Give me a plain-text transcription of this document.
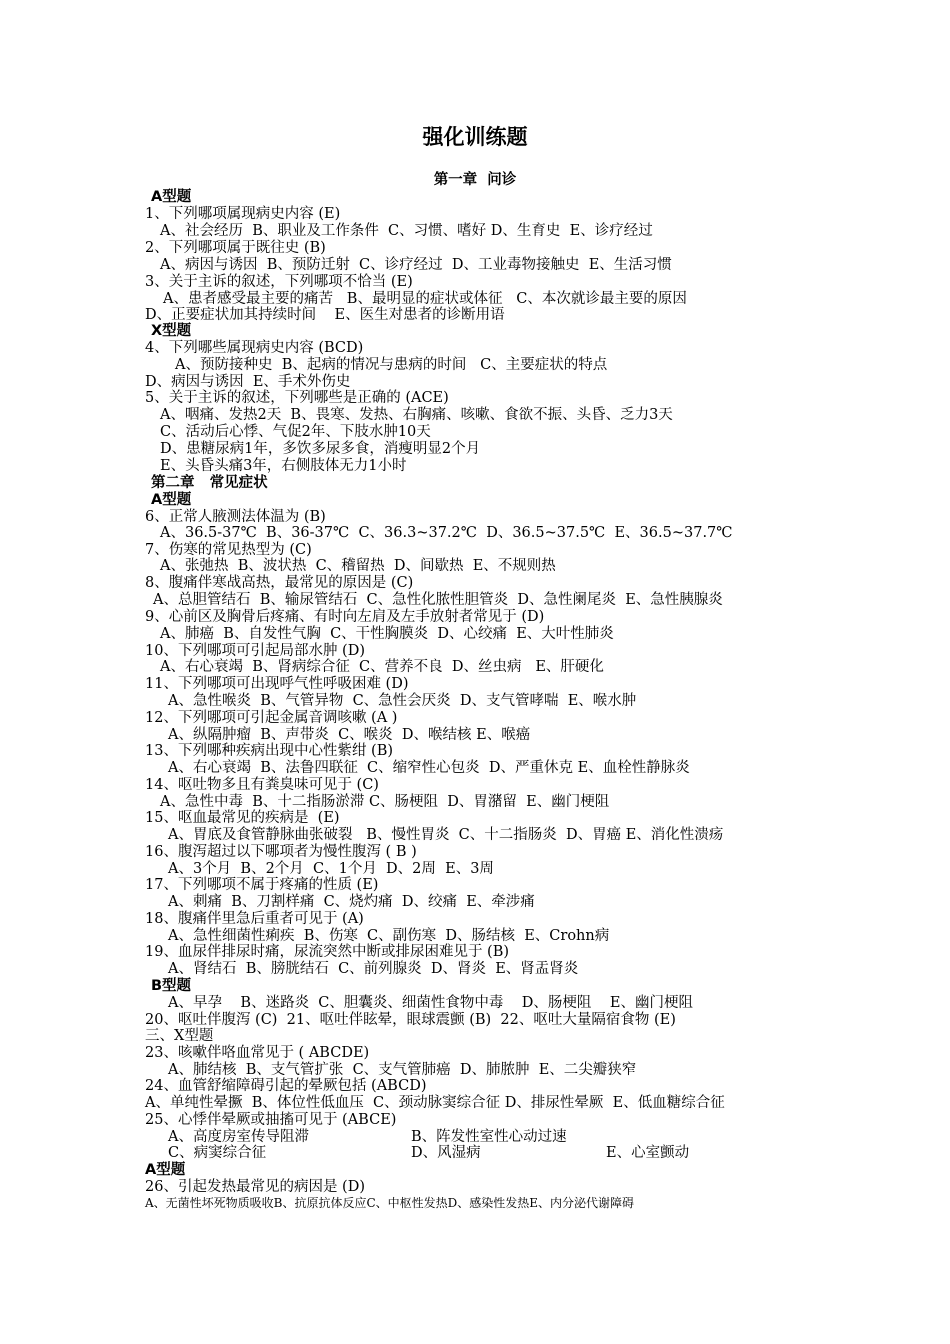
强化训练题
第一章  问诊
A型题
1、下列哪项属现病史内容 (E)
A、社会经历  B、职业及工作条件  C、习惯、嗜好 D、生育史  E、诊疗经过
2、下列哪项属于既往史 (B)
A、病因与诱因  B、预防迁射  C、诊疗经过  D、工业毒物接触史  E、生活习惯
3、关于主诉的叙述，下列哪项不恰当 (E)
A、患者感受最主要的痛苦   B、最明显的症状或体征   C、本次就诊最主要的原因
D、正要症状加其持续时间    E、医生对患者的诊断用语
X型题
4、下列哪些属现病史内容 (BCD)
A、预防接种史  B、起病的情况与患病的时间   C、主要症状的特点
D、病因与诱因  E、手术外伤史
5、关于主诉的叙述，下列哪些是正确的 (ACE)
A、咽痛、发热2天  B、畏寒、发热、右胸痛、咳嗽、食欲不振、头昏、乏力3天
C、活动后心悸、气促2年、下肢水肿10天
D、患糖尿病1年，多饮多尿多食，消瘦明显2个月
E、头昏头痛3年，右侧肢体无力1小时
第二章   常见症状
A型题
6、正常人腋测法体温为 (B)
A、36.5-37℃  B、36-37℃  C、36.3~37.2℃  D、36.5~37.5℃  E、36.5~37.7℃
7、伤寒的常见热型为 (C)
A、张弛热  B、波状热  C、稽留热  D、间歇热  E、不规则热
8、腹痛伴寒战高热，最常见的原因是 (C)
A、总胆管结石  B、输尿管结石  C、急性化脓性胆管炎  D、急性阑尾炎  E、急性胰腺炎
9、心前区及胸骨后疼痛、有时向左肩及左手放射者常见于 (D)
A、肺癌  B、自发性气胸  C、干性胸膜炎  D、心绞痛  E、大叶性肺炎
10、下列哪项可引起局部水肿 (D)
A、右心衰竭  B、肾病综合征  C、营养不良  D、丝虫病   E、肝硬化
11、下列哪项可出现呼气性呼吸困难 (D)
A、急性喉炎  B、气管异物  C、急性会厌炎  D、支气管哮喘  E、喉水肿
12、下列哪项可引起金属音调咳嗽 (A )
A、纵隔肿瘤  B、声带炎  C、喉炎  D、喉结核 E、喉癌
13、下列哪种疾病出现中心性紫绀 (B)
A、右心衰竭  B、法鲁四联征  C、缩窄性心包炎  D、严重休克 E、血栓性静脉炎
14、呕吐物多且有粪臭味可见于 (C)
A、急性中毒  B、十二指肠淤滞 C、肠梗阻  D、胃潴留  E、幽门梗阻
15、呕血最常见的疾病是  (E)
A、胃底及食管静脉曲张破裂   B、慢性胃炎  C、十二指肠炎  D、胃癌 E、消化性溃疡
16、腹泻超过以下哪项者为慢性腹泻 ( B )
A、3个月  B、2个月  C、1个月  D、2周  E、3周
17、下列哪项不属于疼痛的性质 (E)
A、刺痛  B、刀割样痛  C、烧灼痛  D、绞痛  E、牵涉痛
18、腹痛伴里急后重者可见于 (A)
A、急性细菌性痢疾  B、伤寒  C、副伤寒  D、肠结核  E、Crohn病
19、血尿伴排尿时痛，尿流突然中断或排尿困难见于 (B)
A、肾结石  B、膀胱结石  C、前列腺炎  D、肾炎  E、肾盂肾炎
B型题
A、早孕    B、迷路炎  C、胆囊炎、细菌性食物中毒    D、肠梗阻    E、幽门梗阻
20、呕吐伴腹泻 (C)  21、呕吐伴眩晕，眼球震颤 (B)  22、呕吐大量隔宿食物 (E)
三、X型题
23、咳嗽伴咯血常见于 ( ABCDE)
A、肺结核  B、支气管扩张  C、支气管肺癌  D、肺脓肿  E、二尖瓣狭窄
24、血管舒缩障碍引起的晕厥包括 (ABCD)
A、单纯性晕撅  B、体位性低血压  C、颈动脉窦综合征 D、排尿性晕厥  E、低血糖综合征
25、心悸伴晕厥或抽搐可见于 (ABCE)
A、高度房室传导阻滞	B、阵发性室性心动过速
C、病窦综合征	D、风湿病	E、心室颤动
A型题
26、引起发热最常见的病因是 (D)
A、无菌性坏死物质吸收B、抗原抗体反应C、中枢性发热D、感染性发热E、内分泌代谢障碍
